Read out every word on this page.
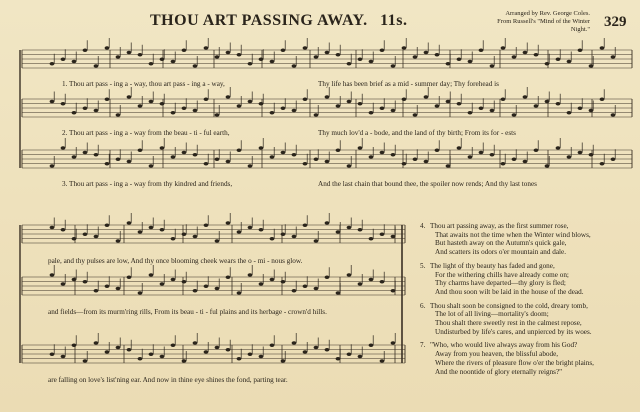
THOU ART PASSING AWAY. 11s.	Arranged by Rev. George Coles.
From Russell's "Mind of the Winter Night." 329
1. Thou art pass - ing a - way, thou art pass - ing a - way,	Thy life has been brief as a mid - summer day; Thy forehead is
2. Thou art pass - ing a - way from the beau - ti - ful earth,	Thy much lov'd a - bode, and the land of thy birth; From its for - ests
3. Thou art pass - ing a - way from thy kindred and friends,	And the last chain that bound thee, the spoiler now rends; And thy last tones
pale, and thy pulses are low, And thy once blooming cheek wears the o - mi - nous glow.
and fields—from its murm'ring rills, From its beau - ti - ful plains and its herbage - crown'd hills.
are falling on love's list'ning ear. And now in thine eye shines the fond, parting tear.
4. Thou art passing away, as the first summer rose,
That awaits not the time when the Winter wind blows,
But hasteth away on the Autumn's quick gale,
And scatters its odors o'er mountain and dale.
5. The light of thy beauty has faded and gone,
For the withering chills have already come on;
Thy charms have departed—thy glory is fled;
And thou soon wilt be laid in the house of the dead.
6. Thou shalt soon be consigned to the cold, dreary tomb,
The lot of all living—mortality's doom;
Thou shalt there sweetly rest in the calmest repose,
Undisturbed by life's cares, and unpierced by its woes.
7. "Who, who would live always away from his God?
Away from you heaven, the blissful abode,
Where the rivers of pleasure flow o'er the bright plains,
And the noontide of glory eternally reigns?"
